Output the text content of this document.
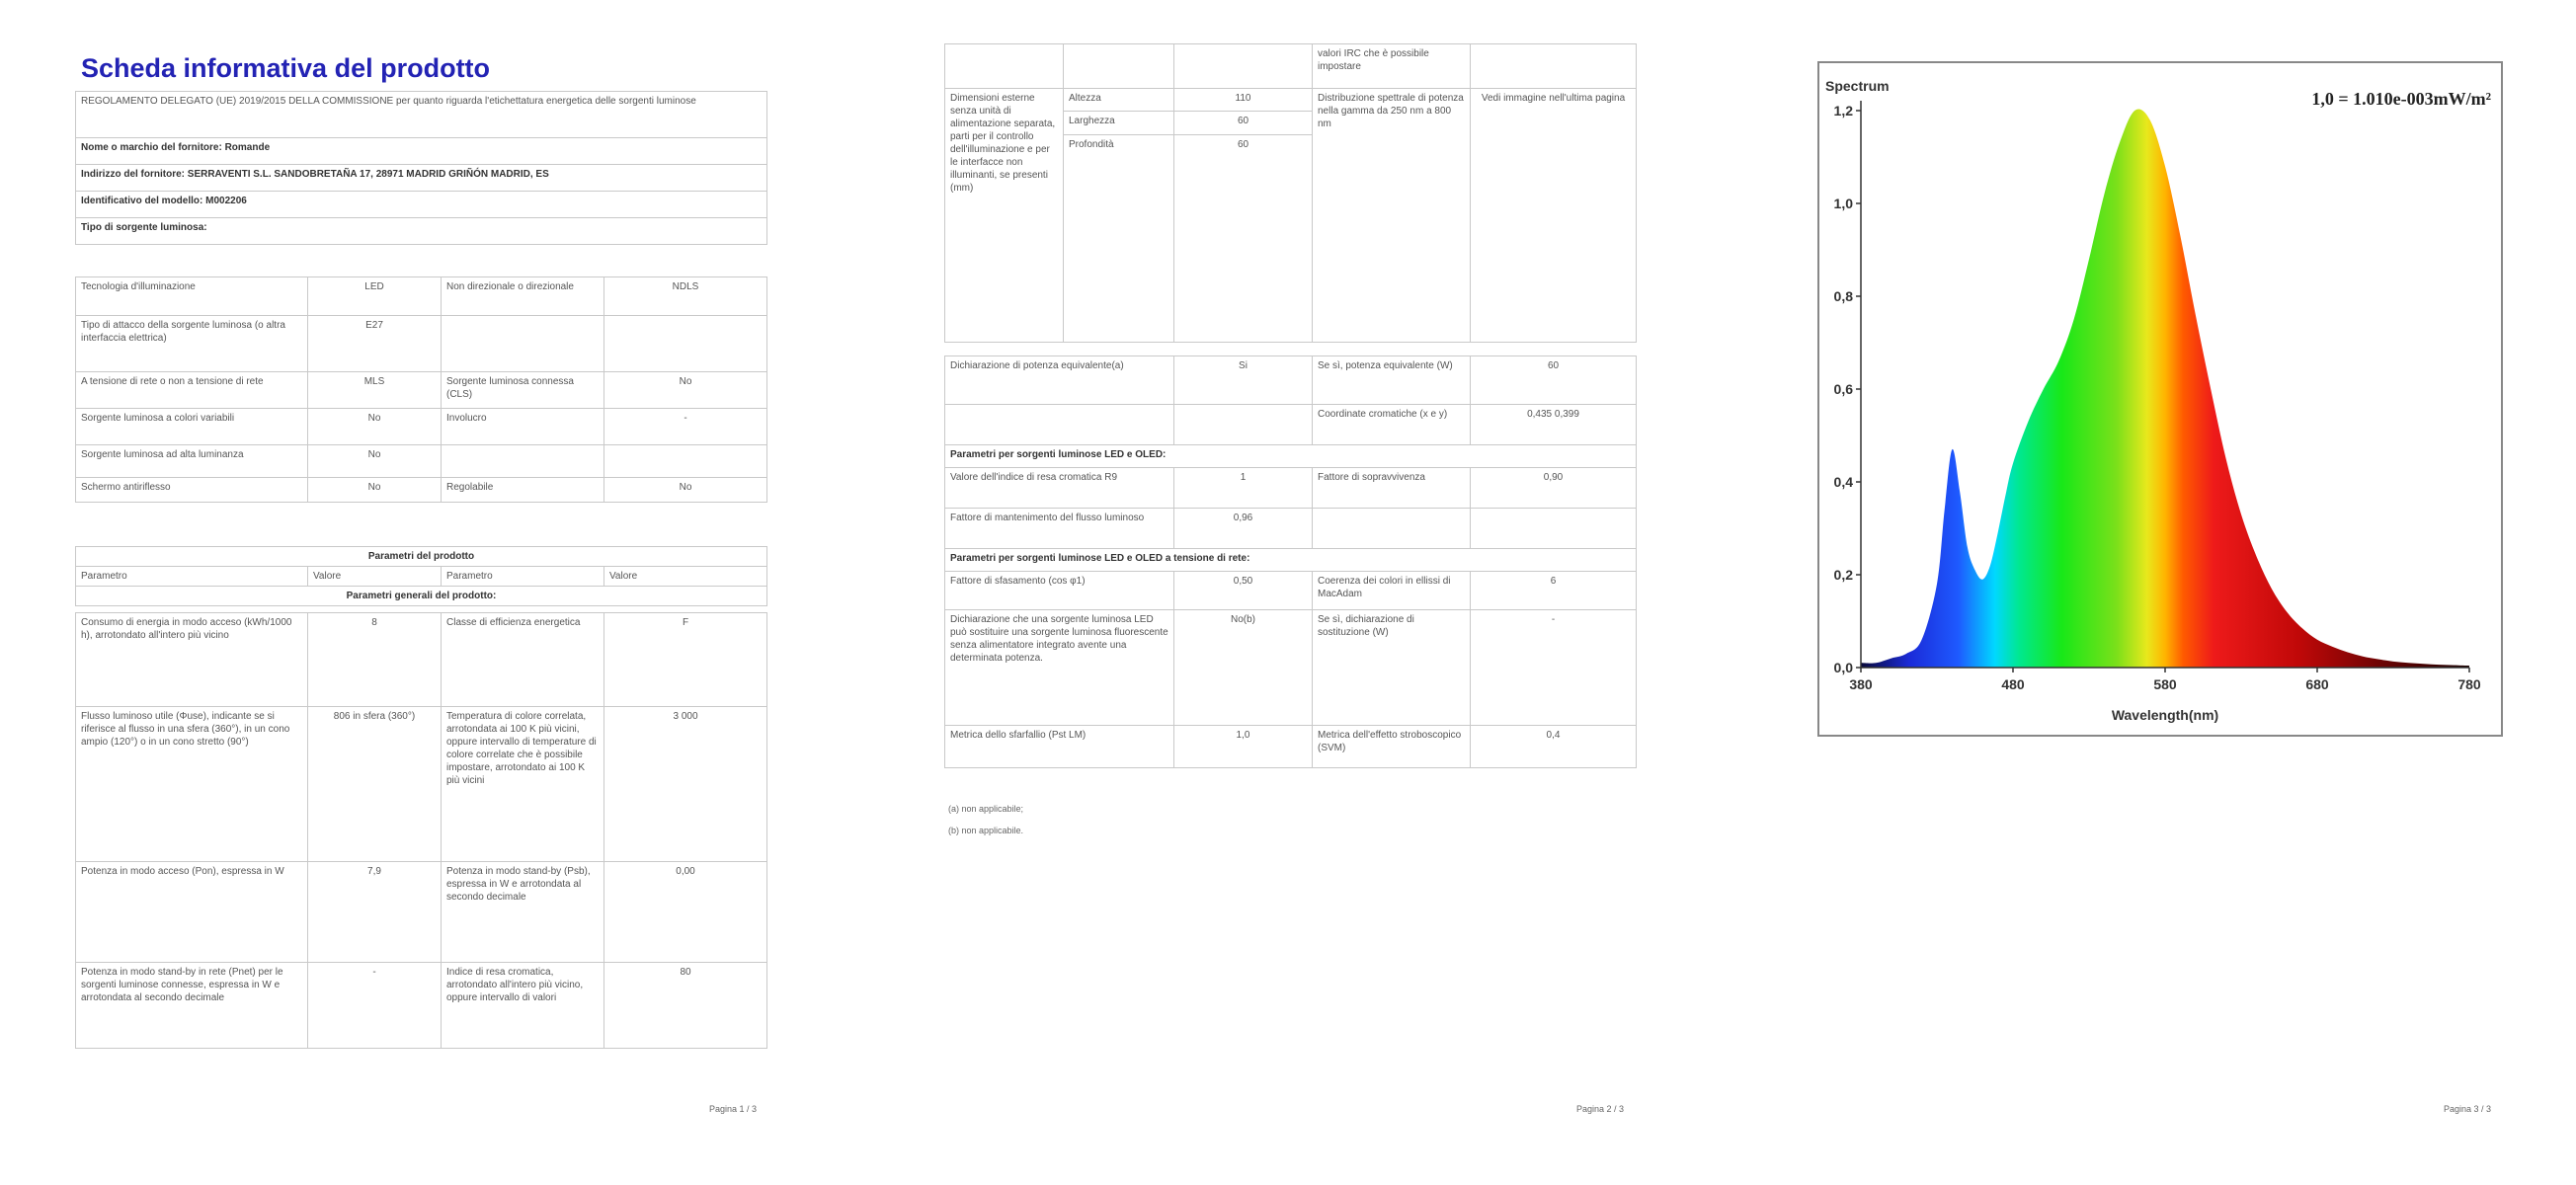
Scheda informativa del prodotto
REGOLAMENTO DELEGATO (UE) 2019/2015 DELLA COMMISSIONE per quanto riguarda l'etichettatura energetica delle sorgenti luminose
Nome o marchio del fornitore: Romande
Indirizzo del fornitore: SERRAVENTI S.L. SANDOBRETAÑA 17, 28971 MADRID GRIÑÓN MADRID, ES
Identificativo del modello: M002206
Tipo di sorgente luminosa:
Tecnologia d'illuminazione	LED	Non direzionale o direzionale	NDLS
Tipo di attacco della sorgente luminosa (o altra interfaccia elettrica)	E27		
A tensione di rete o non a tensione di rete	MLS	Sorgente luminosa connessa (CLS)	No
Sorgente luminosa a colori variabili	No	Involucro	-
Sorgente luminosa ad alta luminanza	No		
Schermo antiriflesso	No	Regolabile	No
Parametri del prodotto
Parametro	Valore	Parametro	Valore
Parametri generali del prodotto:
Consumo di energia in modo acceso (kWh/1000 h), arrotondato all'intero più vicino	8	Classe di efficienza energetica	F
Flusso luminoso utile (Φuse), indicante se si riferisce al flusso in una sfera (360°), in un cono ampio (120°) o in un cono stretto (90°)	806 in sfera (360°)	Temperatura di colore correlata, arrotondata ai 100 K più vicini, oppure intervallo di temperature di colore correlate che è possibile impostare, arrotondato ai 100 K più vicini	3 000
Potenza in modo acceso (Pon), espressa in W	7,9	Potenza in modo stand-by (Psb), espressa in W e arrotondata al secondo decimale	0,00
Potenza in modo stand-by in rete (Pnet) per le sorgenti luminose connesse, espressa in W e arrotondata al secondo decimale	-	Indice di resa cromatica, arrotondato all'intero più vicino, oppure intervallo di valori	80
Pagina 1 / 3
			valori IRC che è possibile impostare	
Dimensioni esterne senza unità di alimentazione separata, parti per il controllo dell'illuminazione e per le interfacce non illuminanti, se presenti (mm)	Altezza	110	Distribuzione spettrale di potenza nella gamma da 250 nm a 800 nm	Vedi immagine nell'ultima pagina
	Larghezza	60		
	Profondità	60		
Dichiarazione di potenza equivalente(a)	Si	Se sì, potenza equivalente (W)	60
		Coordinate cromatiche (x e y)	0,435 0,399
Parametri per sorgenti luminose LED e OLED:			
Valore dell'indice di resa cromatica R9	1	Fattore di sopravvivenza	0,90
Fattore di mantenimento del flusso luminoso	0,96		
Parametri per sorgenti luminose LED e OLED a tensione di rete:			
Fattore di sfasamento (cos φ1)	0,50	Coerenza dei colori in ellissi di MacAdam	6
Dichiarazione che una sorgente luminosa LED può sostituire una sorgente luminosa fluorescente senza alimentatore integrato avente una determinata potenza.	No(b)	Se sì, dichiarazione di sostituzione (W)	-
Metrica dello sfarfallio (Pst LM)	1,0	Metrica dell'effetto stroboscopico (SVM)	0,4
(a) non applicabile;
(b) non applicabile.
Pagina 2 / 3
0,0
0,2
0,4
0,6
0,8
1,0
1,2
380	480	580	680	780
1,0 = 1.010e-003mW/m²
Spectrum
Wavelength(nm)
Pagina 3 / 3
